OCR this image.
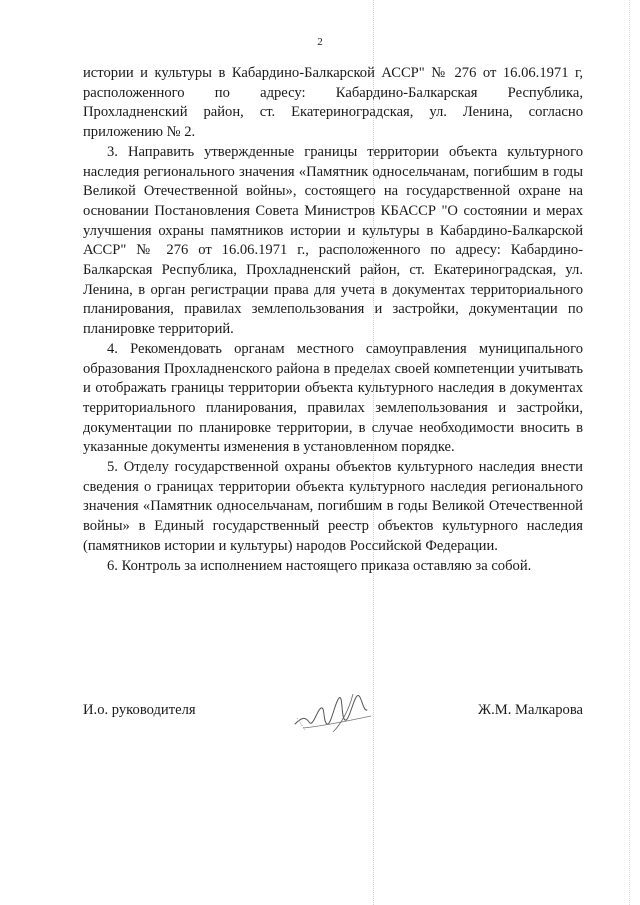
2

истории и культуры в Кабардино-Балкарской АССР" № 276 от 16.06.1971 г, расположенного по адресу: Кабардино-Балкарская Республика, Прохладненский район, ст. Екатериноградская, ул. Ленина, согласно приложению № 2.

3. Направить утвержденные границы территории объекта культурного наследия регионального значения «Памятник односельчанам, погибшим в годы Великой Отечественной войны», состоящего на государственной охране на основании Постановления Совета Министров КБАССР "О состоянии и мерах улучшения охраны памятников истории и культуры в Кабардино-Балкарской АССР" № 276 от 16.06.1971 г., расположенного по адресу: Кабардино-Балкарская Республика, Прохладненский район, ст. Екатериноградская, ул. Ленина, в орган регистрации права для учета в документах территориального планирования, правилах землепользования и застройки, документации по планировке территорий.

4. Рекомендовать органам местного самоуправления муниципального образования Прохладненского района в пределах своей компетенции учитывать и отображать границы территории объекта культурного наследия в документах территориального планирования, правилах землепользования и застройки, документации по планировке территории, в случае необходимости вносить в указанные документы изменения в установленном порядке.

5. Отделу государственной охраны объектов культурного наследия внести сведения о границах территории объекта культурного наследия регионального значения «Памятник односельчанам, погибшим в годы Великой Отечественной войны» в Единый государственный реестр объектов культурного наследия (памятников истории и культуры) народов Российской Федерации.

6. Контроль за исполнением настоящего приказа оставляю за собой.

И.о. руководителя	Ж.М. Малкарова
